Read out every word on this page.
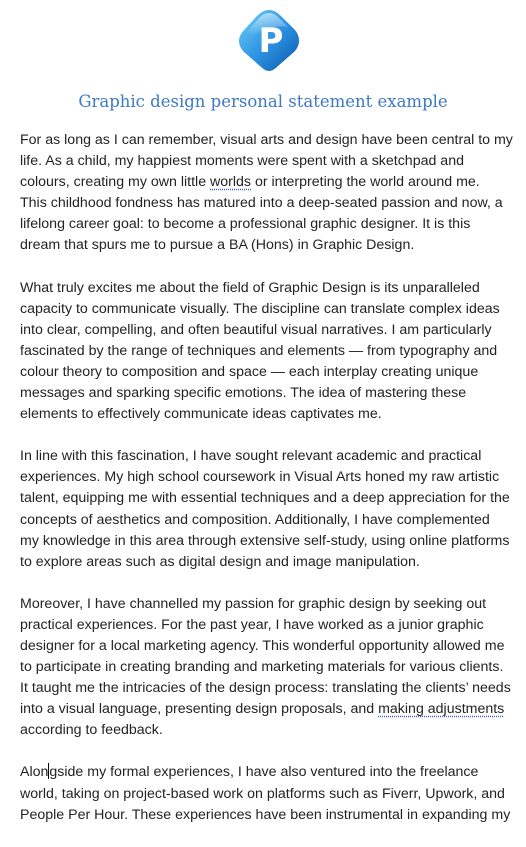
P
Graphic design personal statement example
For as long as I can remember, visual arts and design have been central to my
life. As a child, my happiest moments were spent with a sketchpad and
colours, creating my own little worlds or interpreting the world around me.
This childhood fondness has matured into a deep-seated passion and now, a
lifelong career goal: to become a professional graphic designer. It is this
dream that spurs me to pursue a BA (Hons) in Graphic Design.
What truly excites me about the field of Graphic Design is its unparalleled
capacity to communicate visually. The discipline can translate complex ideas
into clear, compelling, and often beautiful visual narratives. I am particularly
fascinated by the range of techniques and elements — from typography and
colour theory to composition and space — each interplay creating unique
messages and sparking specific emotions. The idea of mastering these
elements to effectively communicate ideas captivates me.
In line with this fascination, I have sought relevant academic and practical
experiences. My high school coursework in Visual Arts honed my raw artistic
talent, equipping me with essential techniques and a deep appreciation for the
concepts of aesthetics and composition. Additionally, I have complemented
my knowledge in this area through extensive self-study, using online platforms
to explore areas such as digital design and image manipulation.
Moreover, I have channelled my passion for graphic design by seeking out
practical experiences. For the past year, I have worked as a junior graphic
designer for a local marketing agency. This wonderful opportunity allowed me
to participate in creating branding and marketing materials for various clients.
It taught me the intricacies of the design process: translating the clients’ needs
into a visual language, presenting design proposals, and making adjustments
according to feedback.
Alongside my formal experiences, I have also ventured into the freelance
world, taking on project-based work on platforms such as Fiverr, Upwork, and
People Per Hour. These experiences have been instrumental in expanding my
